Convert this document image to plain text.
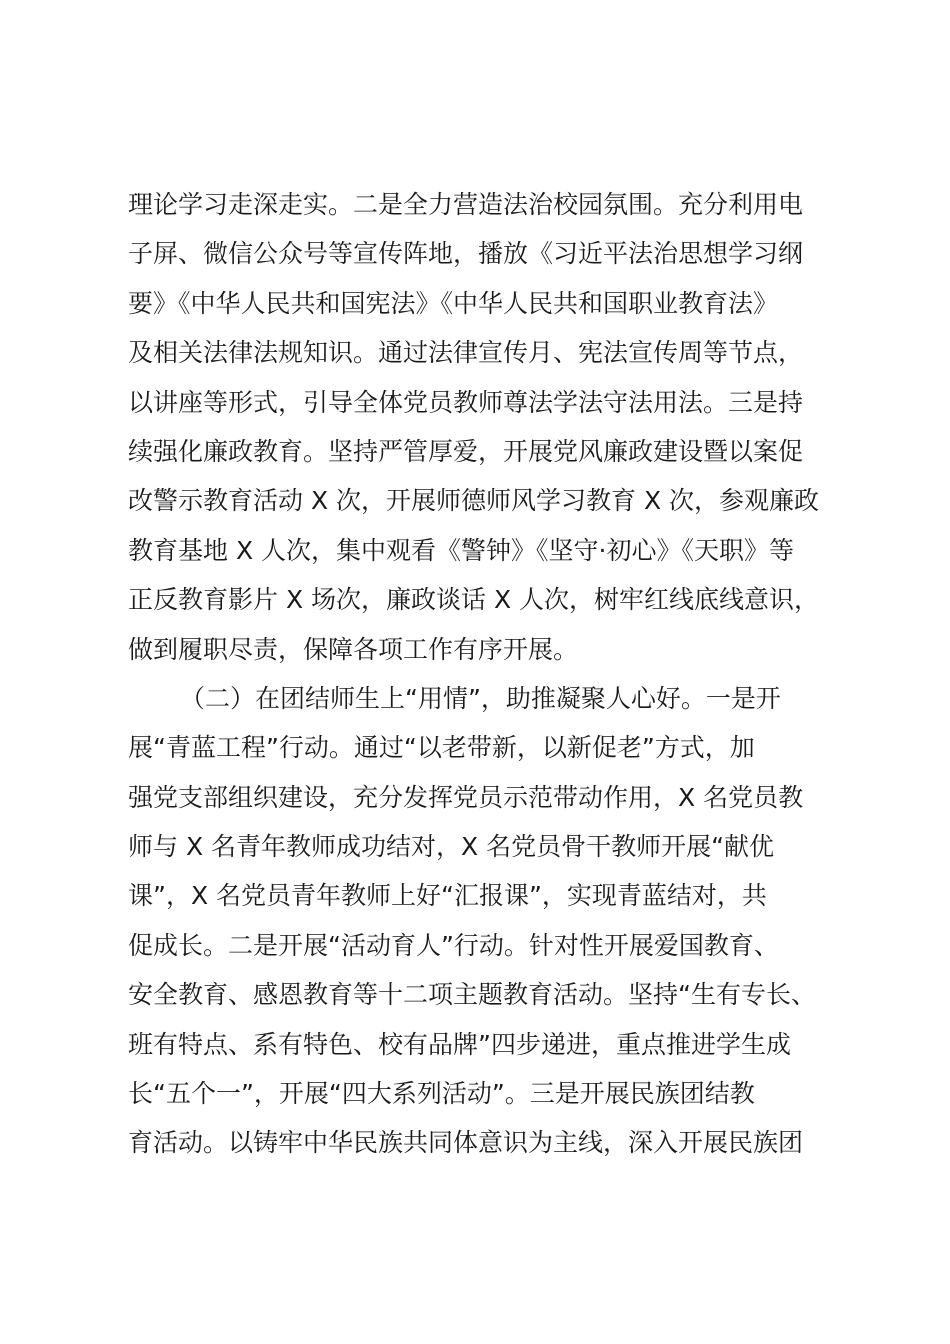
理论学习走深走实。二是全力营造法治校园氛围。充分利用电
子屏、微信公众号等宣传阵地，播放《习近平法治思想学习纲
要》《中华人民共和国宪法》《中华人民共和国职业教育法》
及相关法律法规知识。通过法律宣传月、宪法宣传周等节点，
以讲座等形式，引导全体党员教师尊法学法守法用法。三是持
续强化廉政教育。坚持严管厚爱，开展党风廉政建设暨以案促
改警示教育活动 X 次，开展师德师风学习教育 X 次，参观廉政
教育基地 X 人次，集中观看《警钟》《坚守·初心》《天职》等
正反教育影片 X 场次，廉政谈话 X 人次，树牢红线底线意识，
做到履职尽责，保障各项工作有序开展。
（二）在团结师生上“用情”，助推凝聚人心好。一是开
展“青蓝工程”行动。通过“以老带新，以新促老”方式，加
强党支部组织建设，充分发挥党员示范带动作用，X 名党员教
师与 X 名青年教师成功结对，X 名党员骨干教师开展“献优
课”，X 名党员青年教师上好“汇报课”，实现青蓝结对，共
促成长。二是开展“活动育人”行动。针对性开展爱国教育、
安全教育、感恩教育等十二项主题教育活动。坚持“生有专长、
班有特点、系有特色、校有品牌”四步递进，重点推进学生成
长“五个一”，开展“四大系列活动”。三是开展民族团结教
育活动。以铸牢中华民族共同体意识为主线，深入开展民族团
